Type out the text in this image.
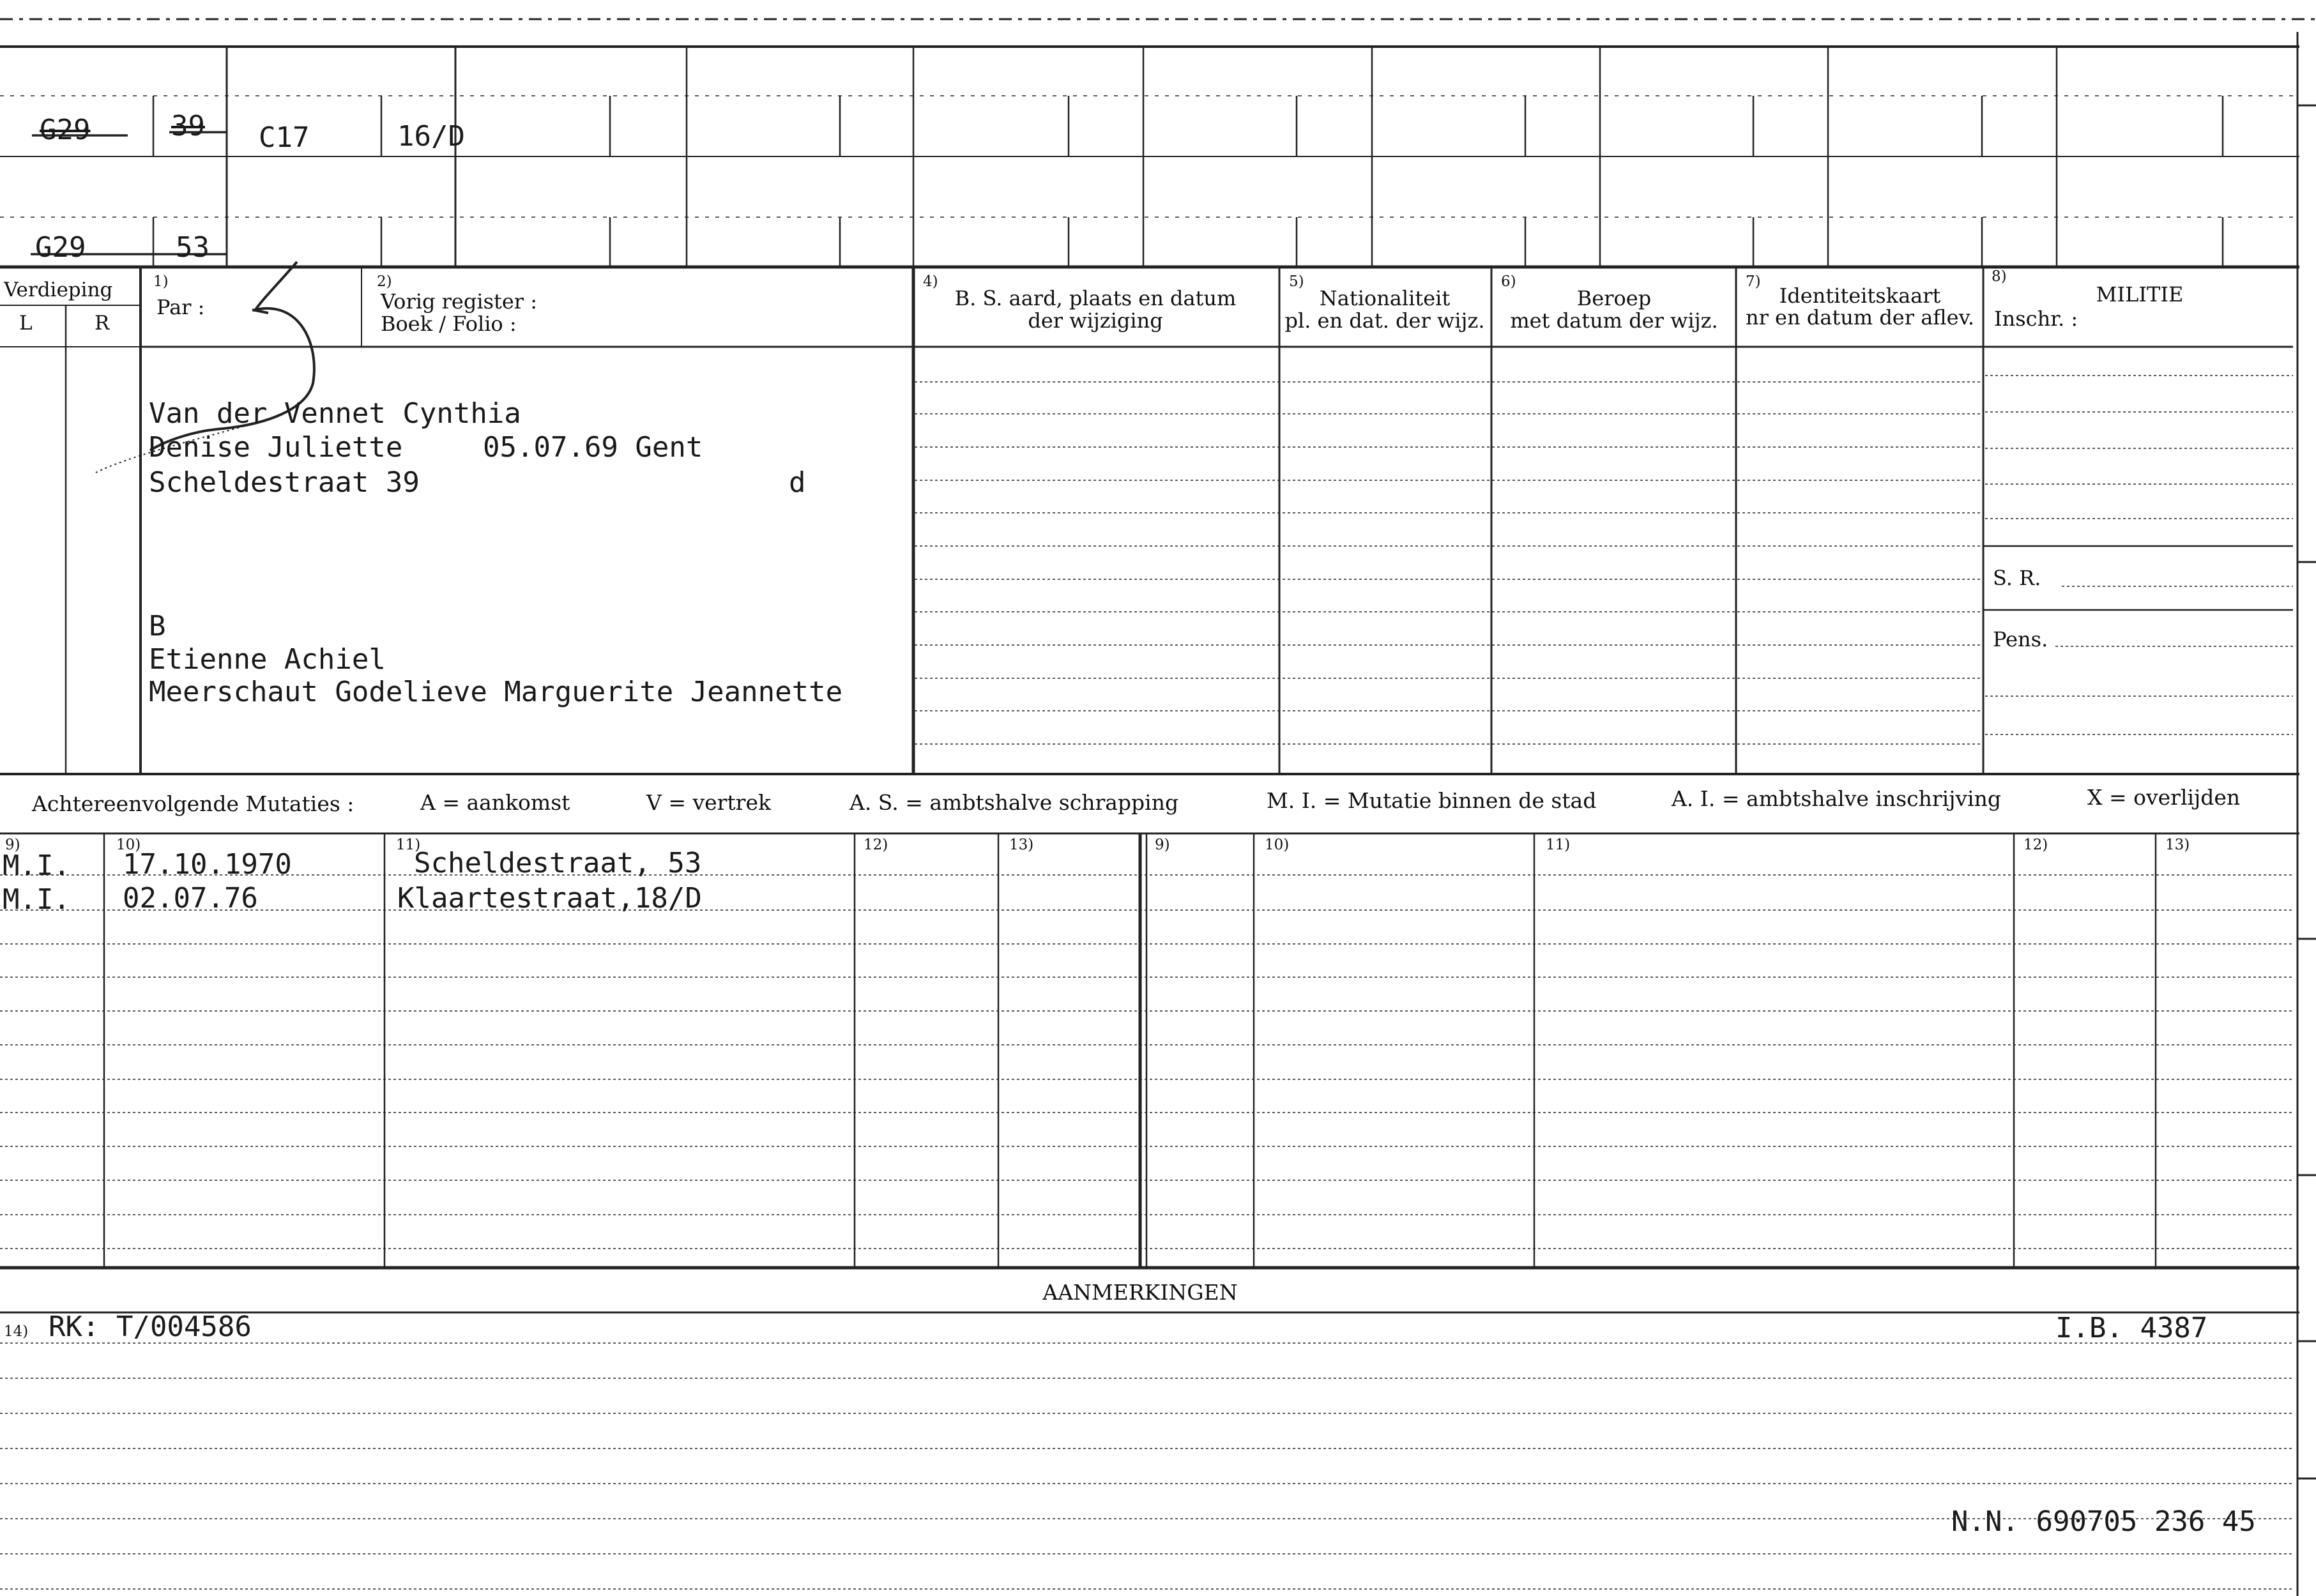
Verdieping
L	R
1)
Par :
2)
Vorig register :
Boek / Folio :
4)
B. S. aard, plaats en datum
der wijziging
5)
Nationaliteit
pl. en dat. der wijz.
6)
Beroep
met datum der wijz.
7)
Identiteitskaart
nr en datum der aflev.
8)
MILITIE
Inschr. :
S. R.
Pens.
Achtereenvolgende Mutaties :	A = aankomst	V = vertrek	A. S. = ambtshalve schrapping	M. I. = Mutatie binnen de stad	A. I. = ambtshalve inschrijving	X = overlijden
9)	10)	11)	12)	13)	9)	10)	11)	12)	13)
AANMERKINGEN
14)
G29	39 C17	16/D
G29	53
Van der Vennet Cynthia
Denise Juliette	05.07.69 Gent
Scheldestraat 39	d
B
Etienne Achiel
Meerschaut Godelieve Marguerite Jeannette
M.I. 17.10.1970	Scheldestraat, 53
M.I. 02.07.76	Klaartestraat,18/D
RK: T/004586	I.B. 4387
N.N. 690705 236 45
